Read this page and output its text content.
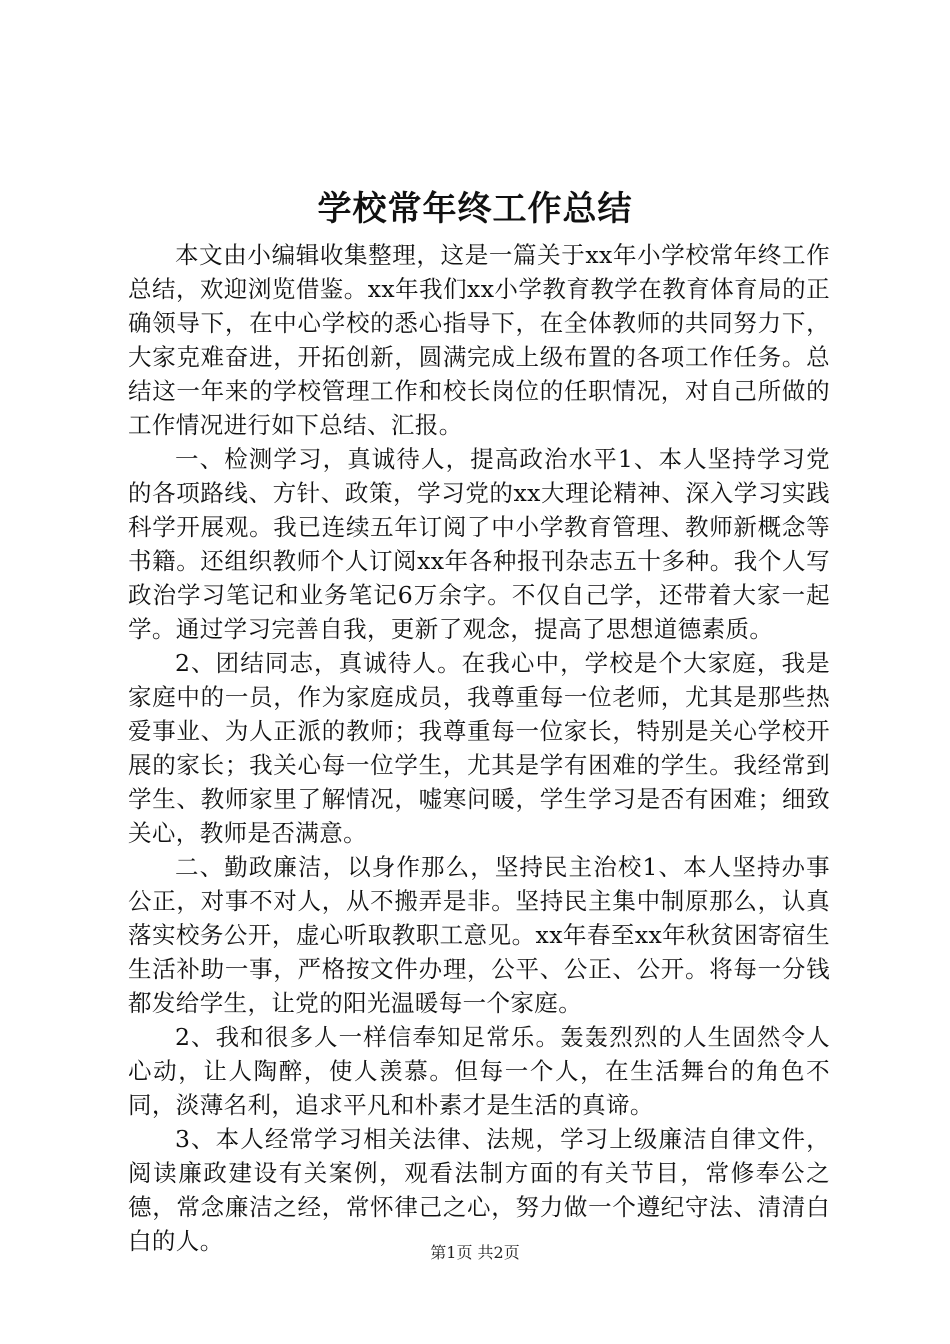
学校常年终工作总结

本文由小编辑收集整理，这是一篇关于xx年小学校常年终工作总结，欢迎浏览借鉴。xx年我们xx小学教育教学在教育体育局的正确领导下，在中心学校的悉心指导下，在全体教师的共同努力下，大家克难奋进，开拓创新，圆满完成上级布置的各项工作任务。总结这一年来的学校管理工作和校长岗位的任职情况，对自己所做的工作情况进行如下总结、汇报。

一、检测学习，真诚待人，提高政治水平1、本人坚持学习党的各项路线、方针、政策，学习党的xx大理论精神、深入学习实践科学开展观。我已连续五年订阅了中小学教育管理、教师新概念等书籍。还组织教师个人订阅xx年各种报刊杂志五十多种。我个人写政治学习笔记和业务笔记6万余字。不仅自己学，还带着大家一起学。通过学习完善自我，更新了观念，提高了思想道德素质。

2、团结同志，真诚待人。在我心中，学校是个大家庭，我是家庭中的一员，作为家庭成员，我尊重每一位老师，尤其是那些热爱事业、为人正派的教师；我尊重每一位家长，特别是关心学校开展的家长；我关心每一位学生，尤其是学有困难的学生。我经常到学生、教师家里了解情况，嘘寒问暖，学生学习是否有困难；细致关心，教师是否满意。

二、勤政廉洁，以身作那么，坚持民主治校1、本人坚持办事公正，对事不对人，从不搬弄是非。坚持民主集中制原那么，认真落实校务公开，虚心听取教职工意见。xx年春至xx年秋贫困寄宿生生活补助一事，严格按文件办理，公平、公正、公开。将每一分钱都发给学生，让党的阳光温暖每一个家庭。

2、我和很多人一样信奉知足常乐。轰轰烈烈的人生固然令人心动，让人陶醉，使人羡慕。但每一个人，在生活舞台的角色不同，淡薄名利，追求平凡和朴素才是生活的真谛。

3、本人经常学习相关法律、法规，学习上级廉洁自律文件，阅读廉政建设有关案例，观看法制方面的有关节目，常修奉公之德，常念廉洁之经，常怀律己之心，努力做一个遵纪守法、清清白白的人。	第1页 共2页
